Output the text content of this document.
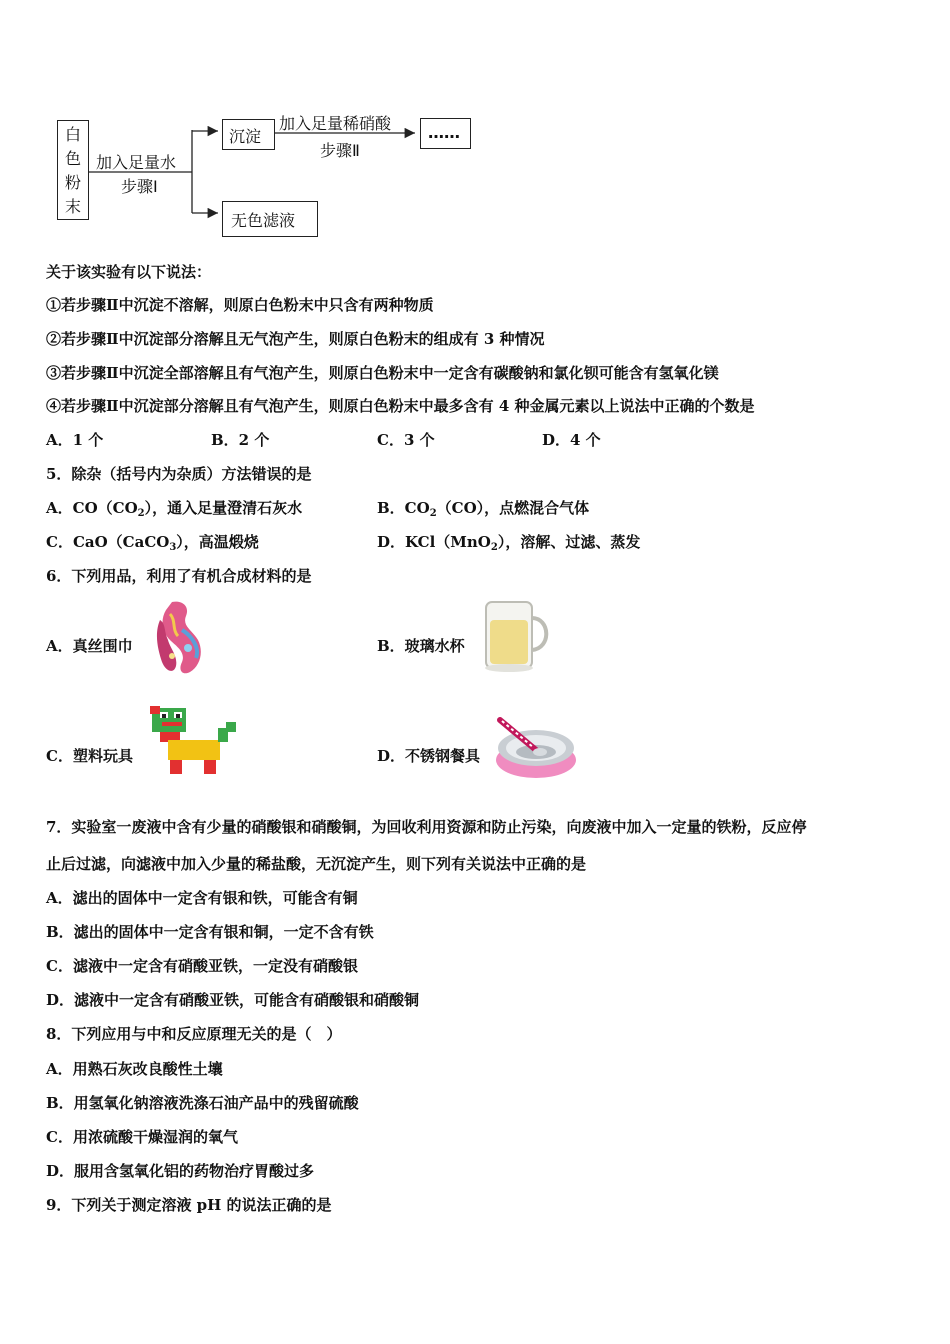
白
色
粉
末
加入足量水
步骤Ⅰ
沉淀
无色滤液
加入足量稀硝酸
步骤Ⅱ
……
关于该实验有以下说法：
①若步骤Ⅱ中沉淀不溶解，则原白色粉末中只含有两种物质
②若步骤Ⅱ中沉淀部分溶解且无气泡产生，则原白色粉末的组成有 3 种情况
③若步骤Ⅱ中沉淀全部溶解且有气泡产生，则原白色粉末中一定含有碳酸钠和氯化钡可能含有氢氧化镁
④若步骤Ⅱ中沉淀部分溶解且有气泡产生，则原白色粉末中最多含有 4 种金属元素以上说法中正确的个数是
A．1 个	B．2 个	C．3 个	D．4 个
5．除杂（括号内为杂质）方法错误的是
A．$CO(CO_2)$，通入足量澄清石灰水	B．$CO_2(CO)$，点燃混合气体
C．CaO（CaCO$_3$），高温煅烧	D．KCl（MnO$_2$），溶解、过滤、蒸发
6．下列用品，利用了有机合成材料的是
A．真丝围巾	B．玻璃水杯
C．塑料玩具	D．不锈钢餐具
7．实验室一废液中含有少量的硝酸银和硝酸铜，为回收利用资源和防止污染，向废液中加入一定量的铁粉，反应停
止后过滤，向滤液中加入少量的稀盐酸，无沉淀产生，则下列有关说法中正确的是
A．滤出的固体中一定含有银和铁，可能含有铜
B．滤出的固体中一定含有银和铜，一定不含有铁
C．滤液中一定含有硝酸亚铁，一定没有硝酸银
D．滤液中一定含有硝酸亚铁，可能含有硝酸银和硝酸铜
8．下列应用与中和反应原理无关的是（　）
A．用熟石灰改良酸性土壤
B．用氢氧化钠溶液洗涤石油产品中的残留硫酸
C．用浓硫酸干燥湿润的氧气
D．服用含氢氧化铝的药物治疗胃酸过多
9．下列关于测定溶液 pH 的说法正确的是
